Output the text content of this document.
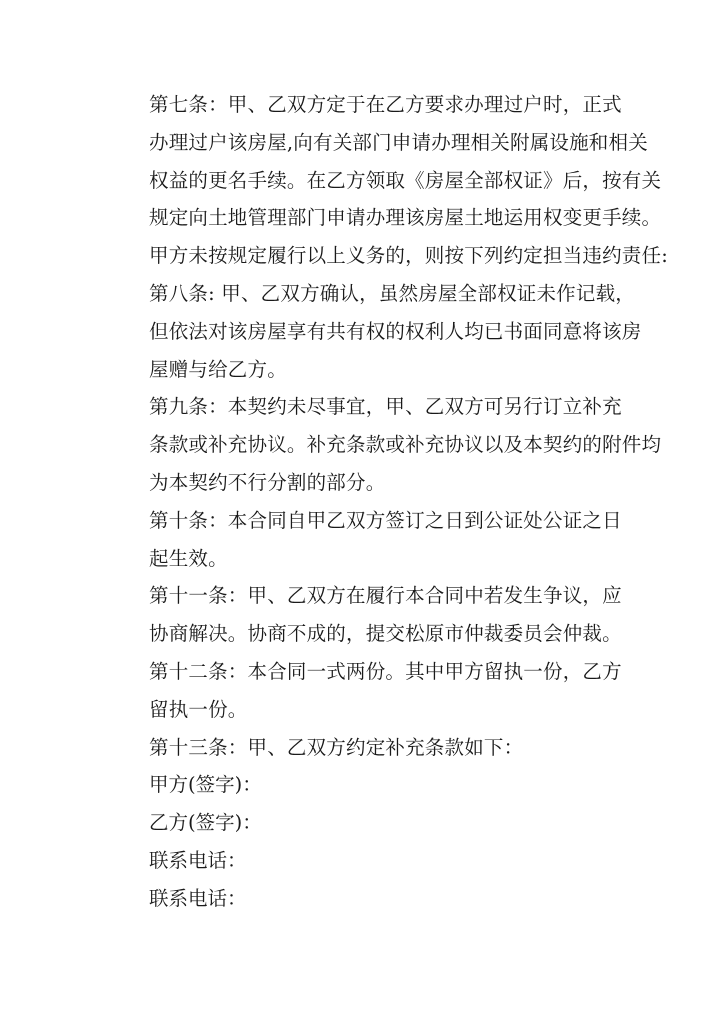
第七条：甲、乙双方定于在乙方要求办理过户时，正式
办理过户该房屋,向有关部门申请办理相关附属设施和相关
权益的更名手续。在乙方领取《房屋全部权证》后，按有关
规定向土地管理部门申请办理该房屋土地运用权变更手续。
甲方未按规定履行以上义务的，则按下列约定担当违约责任:

第八条: 甲、乙双方确认，虽然房屋全部权证未作记载，
但依法对该房屋享有共有权的权利人均已书面同意将该房
屋赠与给乙方。

第九条：本契约未尽事宜，甲、乙双方可另行订立补充
条款或补充协议。补充条款或补充协议以及本契约的附件均
为本契约不行分割的部分。

第十条：本合同自甲乙双方签订之日到公证处公证之日
起生效。

第十一条：甲、乙双方在履行本合同中若发生争议，应
协商解决。协商不成的，提交松原市仲裁委员会仲裁。

第十二条：本合同一式两份。其中甲方留执一份，乙方
留执一份。

第十三条：甲、乙双方约定补充条款如下：

甲方(签字)：

乙方(签字)：

联系电话：

联系电话：
